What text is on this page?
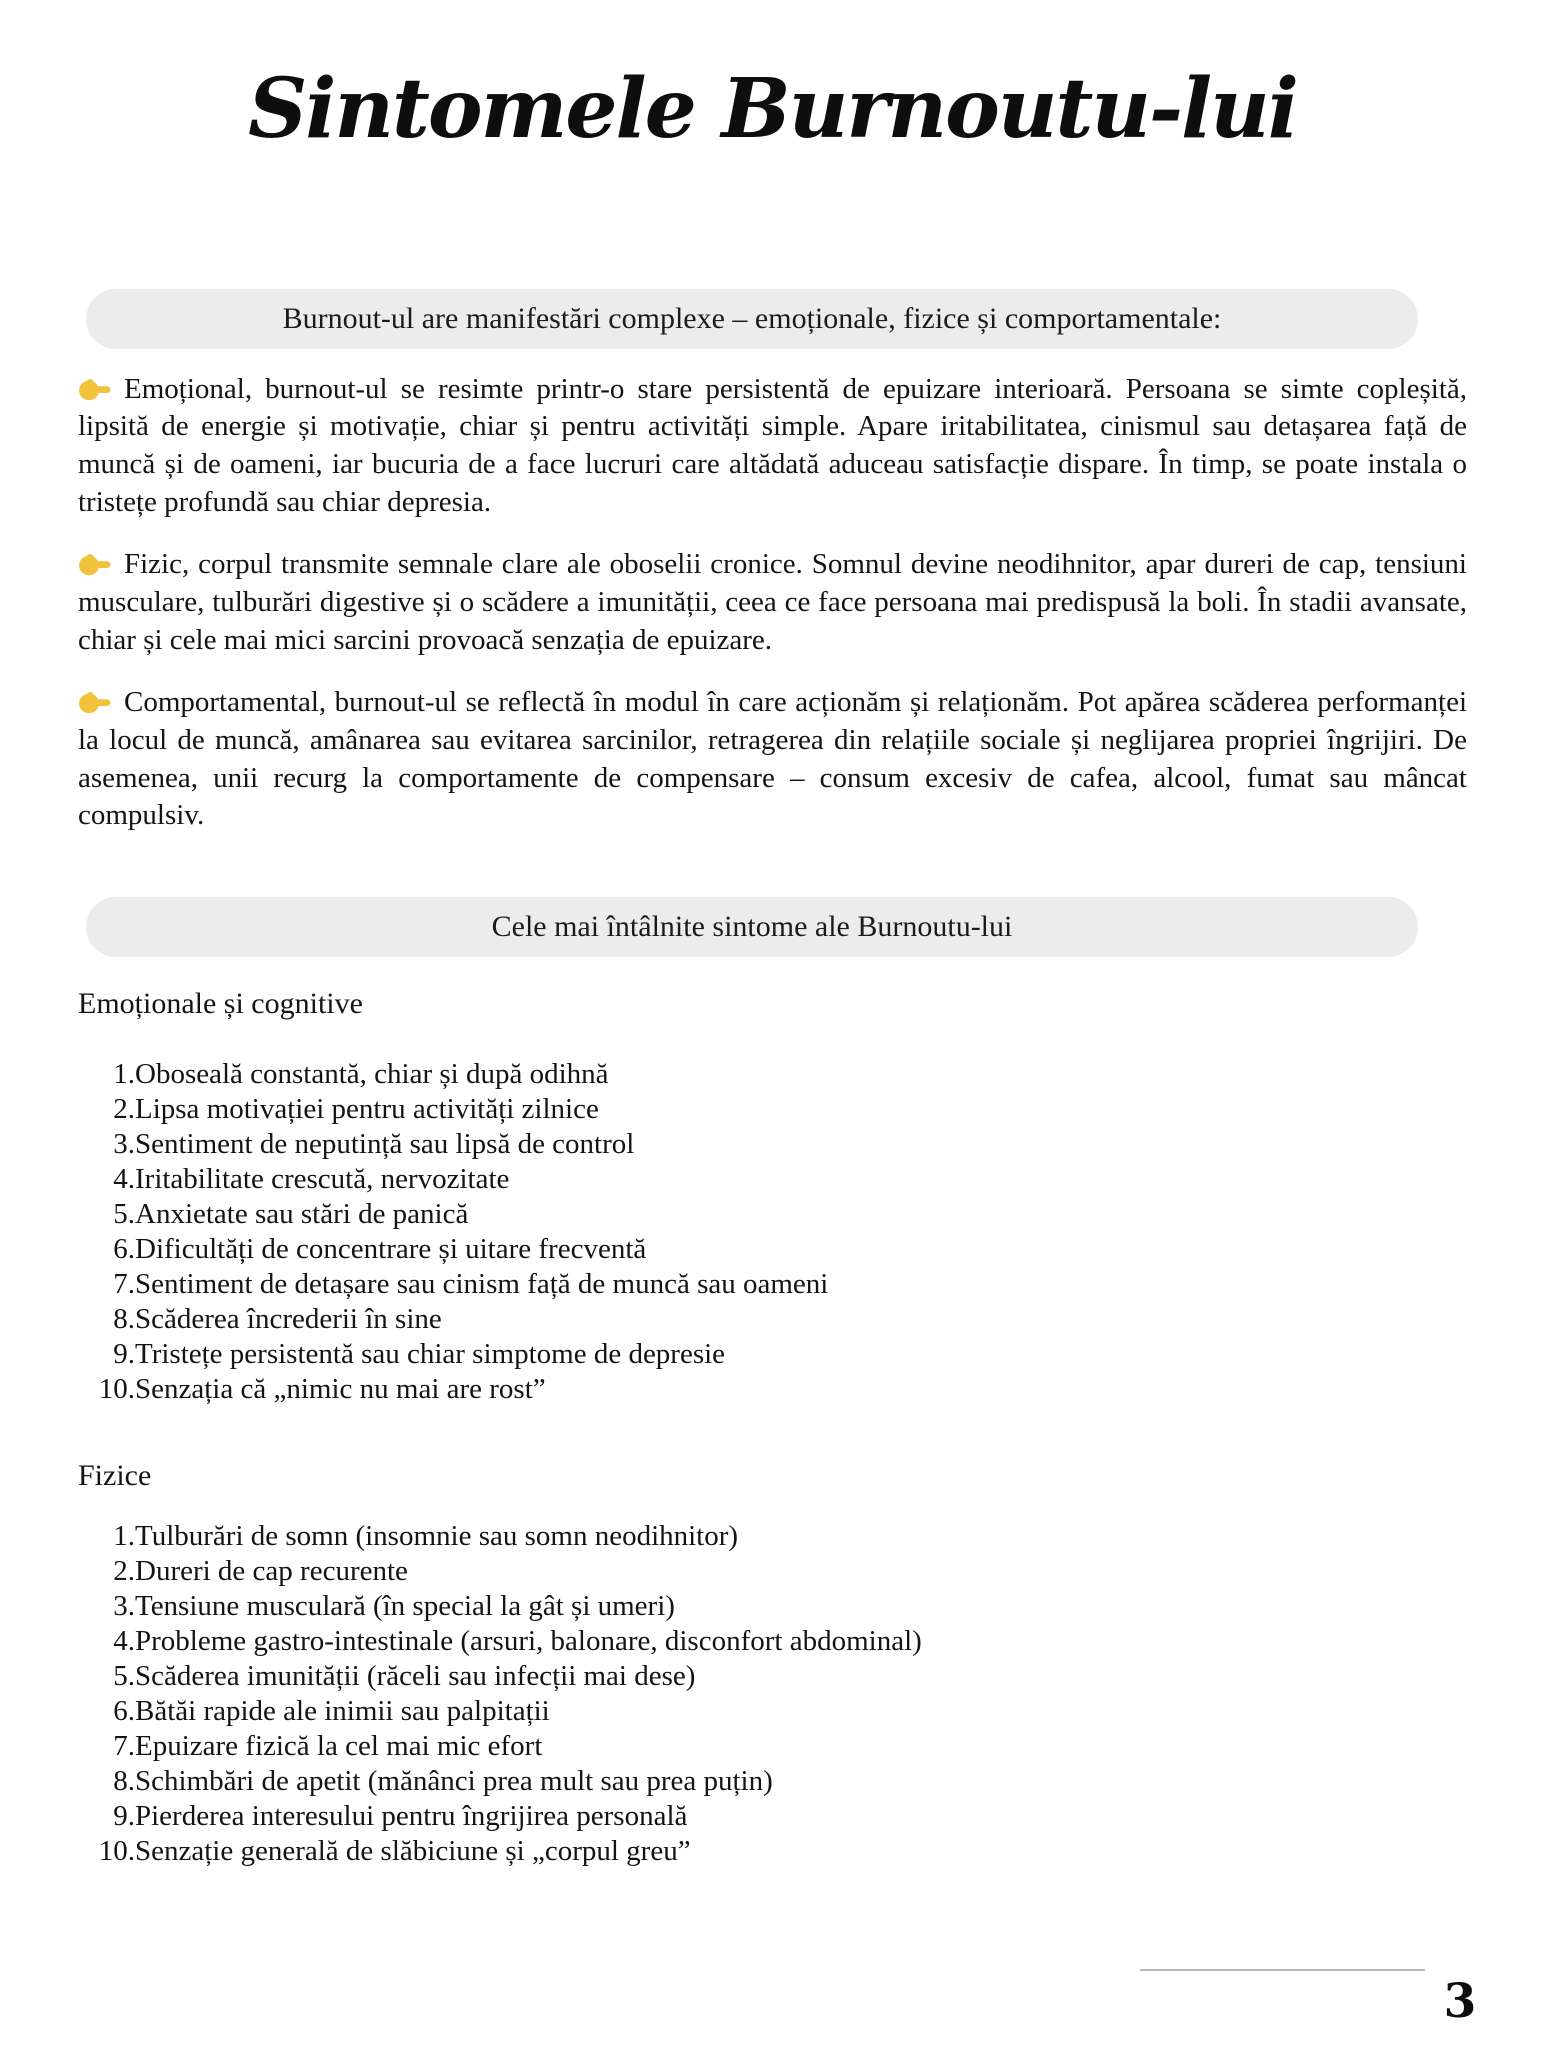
Sintomele Burnoutu-lui
Burnout-ul are manifestări complexe – emoționale, fizice și comportamentale:

Emoțional, burnout-ul se resimte printr-o stare persistentă de epuizare interioară. Persoana se simte copleșită, lipsită de energie și motivație, chiar și pentru activități simple. Apare iritabilitatea, cinismul sau detașarea față de muncă și de oameni, iar bucuria de a face lucruri care altădată aduceau satisfacție dispare. În timp, se poate instala o tristețe profundă sau chiar depresia.

Fizic, corpul transmite semnale clare ale oboselii cronice. Somnul devine neodihnitor, apar dureri de cap, tensiuni musculare, tulburări digestive și o scădere a imunității, ceea ce face persoana mai predispusă la boli. În stadii avansate, chiar și cele mai mici sarcini provoacă senzația de epuizare.

Comportamental, burnout-ul se reflectă în modul în care acționăm și relaționăm. Pot apărea scăderea performanței la locul de muncă, amânarea sau evitarea sarcinilor, retragerea din relațiile sociale și neglijarea propriei îngrijiri. De asemenea, unii recurg la comportamente de compensare – consum excesiv de cafea, alcool, fumat sau mâncat compulsiv.

Cele mai întâlnite sintome ale Burnoutu-lui
Emoționale și cognitive
1. Oboseală constantă, chiar și după odihnă
2. Lipsa motivației pentru activități zilnice
3. Sentiment de neputință sau lipsă de control
4. Iritabilitate crescută, nervozitate
5. Anxietate sau stări de panică
6. Dificultăți de concentrare și uitare frecventă
7. Sentiment de detașare sau cinism față de muncă sau oameni
8. Scăderea încrederii în sine
9. Tristețe persistentă sau chiar simptome de depresie
10. Senzația că „nimic nu mai are rost”
Fizice
1. Tulburări de somn (insomnie sau somn neodihnitor)
2. Dureri de cap recurente
3. Tensiune musculară (în special la gât și umeri)
4. Probleme gastro-intestinale (arsuri, balonare, disconfort abdominal)
5. Scăderea imunității (răceli sau infecții mai dese)
6. Bătăi rapide ale inimii sau palpitații
7. Epuizare fizică la cel mai mic efort
8. Schimbări de apetit (mănânci prea mult sau prea puțin)
9. Pierderea interesului pentru îngrijirea personală
10. Senzație generală de slăbiciune și „corpul greu”
3
